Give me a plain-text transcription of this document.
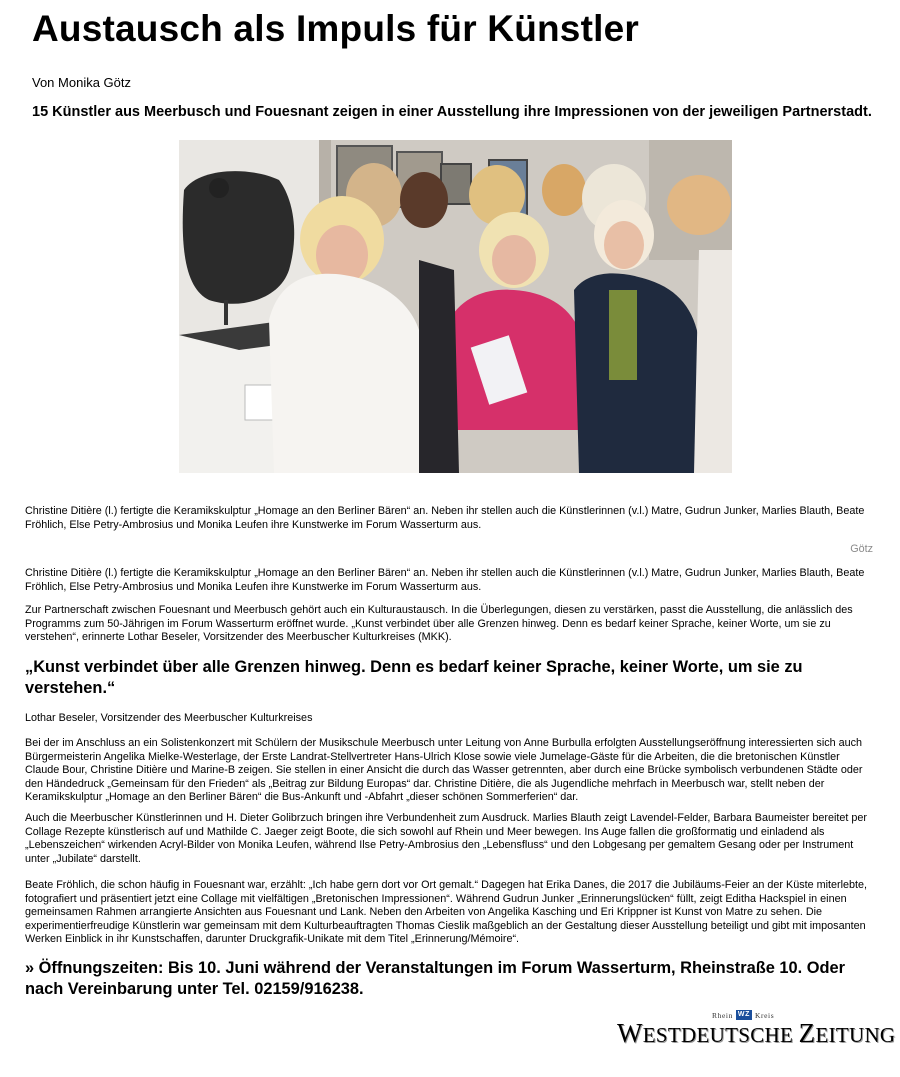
Austausch als Impuls für Künstler
Von Monika Götz
15 Künstler aus Meerbusch und Fouesnant zeigen in einer Ausstellung ihre Impressionen von der jeweiligen Partnerstadt.

Christine Ditière (l.) fertigte die Keramikskulptur „Homage an den Berliner Bären“ an. Neben ihr stellen auch die Künstlerinnen (v.l.) Matre, Gudrun Junker, Marlies Blauth, Beate Fröhlich, Else Petry-Ambrosius und Monika Leufen ihre Kunstwerke im Forum Wasserturm aus.

Götz

Christine Ditière (l.) fertigte die Keramikskulptur „Homage an den Berliner Bären“ an. Neben ihr stellen auch die Künstlerinnen (v.l.) Matre, Gudrun Junker, Marlies Blauth, Beate Fröhlich, Else Petry-Ambrosius und Monika Leufen ihre Kunstwerke im Forum Wasserturm aus.

Zur Partnerschaft zwischen Fouesnant und Meerbusch gehört auch ein Kulturaustausch. In die Überlegungen, diesen zu verstärken, passt die Ausstellung, die anlässlich des Programms zum 50-Jährigen im Forum Wasserturm eröffnet wurde. „Kunst verbindet über alle Grenzen hinweg. Denn es bedarf keiner Sprache, keiner Worte, um sie zu verstehen“, erinnerte Lothar Beseler, Vorsitzender des Meerbuscher Kulturkreises (MKK).

„Kunst verbindet über alle Grenzen hinweg. Denn es bedarf keiner Sprache, keiner Worte, um sie zu verstehen.“

Lothar Beseler, Vorsitzender des Meerbuscher Kulturkreises

Bei der im Anschluss an ein Solistenkonzert mit Schülern der Musikschule Meerbusch unter Leitung von Anne Burbulla erfolgten Ausstellungseröffnung interessierten sich auch Bürgermeisterin Angelika Mielke-Westerlage, der Erste Landrat-Stellvertreter Hans-Ulrich Klose sowie viele Jumelage-Gäste für die Arbeiten, die die bretonischen Künstler Claude Bour, Christine Ditière und Marine-B zeigen. Sie stellen in einer Ansicht die durch das Wasser getrennten, aber durch eine Brücke symbolisch verbundenen Städte oder den Händedruck „Gemeinsam für den Frieden“ als „Beitrag zur Bildung Europas“ dar. Christine Ditière, die als Jugendliche mehrfach in Meerbusch war, stellt neben der Keramikskulptur „Homage an den Berliner Bären“ die Bus-Ankunft und -Abfahrt „dieser schönen Sommerferien“ dar.

Auch die Meerbuscher Künstlerinnen und H. Dieter Golibrzuch bringen ihre Verbundenheit zum Ausdruck. Marlies Blauth zeigt Lavendel-Felder, Barbara Baumeister bereitet per Collage Rezepte künstlerisch auf und Mathilde C. Jaeger zeigt Boote, die sich sowohl auf Rhein und Meer bewegen. Ins Auge fallen die großformatig und einladend als „Lebenszeichen“ wirkenden Acryl-Bilder von Monika Leufen, während Ilse Petry-Ambrosius den „Lebensfluss“ und den Lobgesang per gemaltem Gesang oder per Instrument unter „Jubilate“ darstellt.

Beate Fröhlich, die schon häufig in Fouesnant war, erzählt: „Ich habe gern dort vor Ort gemalt.“ Dagegen hat Erika Danes, die 2017 die Jubiläums-Feier an der Küste miterlebte, fotografiert und präsentiert jetzt eine Collage mit vielfältigen „Bretonischen Impressionen“. Während Gudrun Junker „Erinnerungslücken“ füllt, zeigt Editha Hackspiel in einen gemeinsamen Rahmen arrangierte Ansichten aus Fouesnant und Lank. Neben den Arbeiten von Angelika Kasching und Eri Krippner ist Kunst von Matre zu sehen. Die experimentierfreudige Künstlerin war gemeinsam mit dem Kulturbeauftragten Thomas Cieslik maßgeblich an der Gestaltung dieser Ausstellung beteiligt und gibt mit imposanten Werken Einblick in ihr Kunstschaffen, darunter Druckgrafik-Unikate mit dem Titel „Erinnerung/Mémoire“.

» Öffnungszeiten: Bis 10. Juni während der Veranstaltungen im Forum Wasserturm, Rheinstraße 10. Oder nach Vereinbarung unter Tel. 02159/916238.

Rhein WZ Kreis
WESTDEUTSCHE ZEITUNG
